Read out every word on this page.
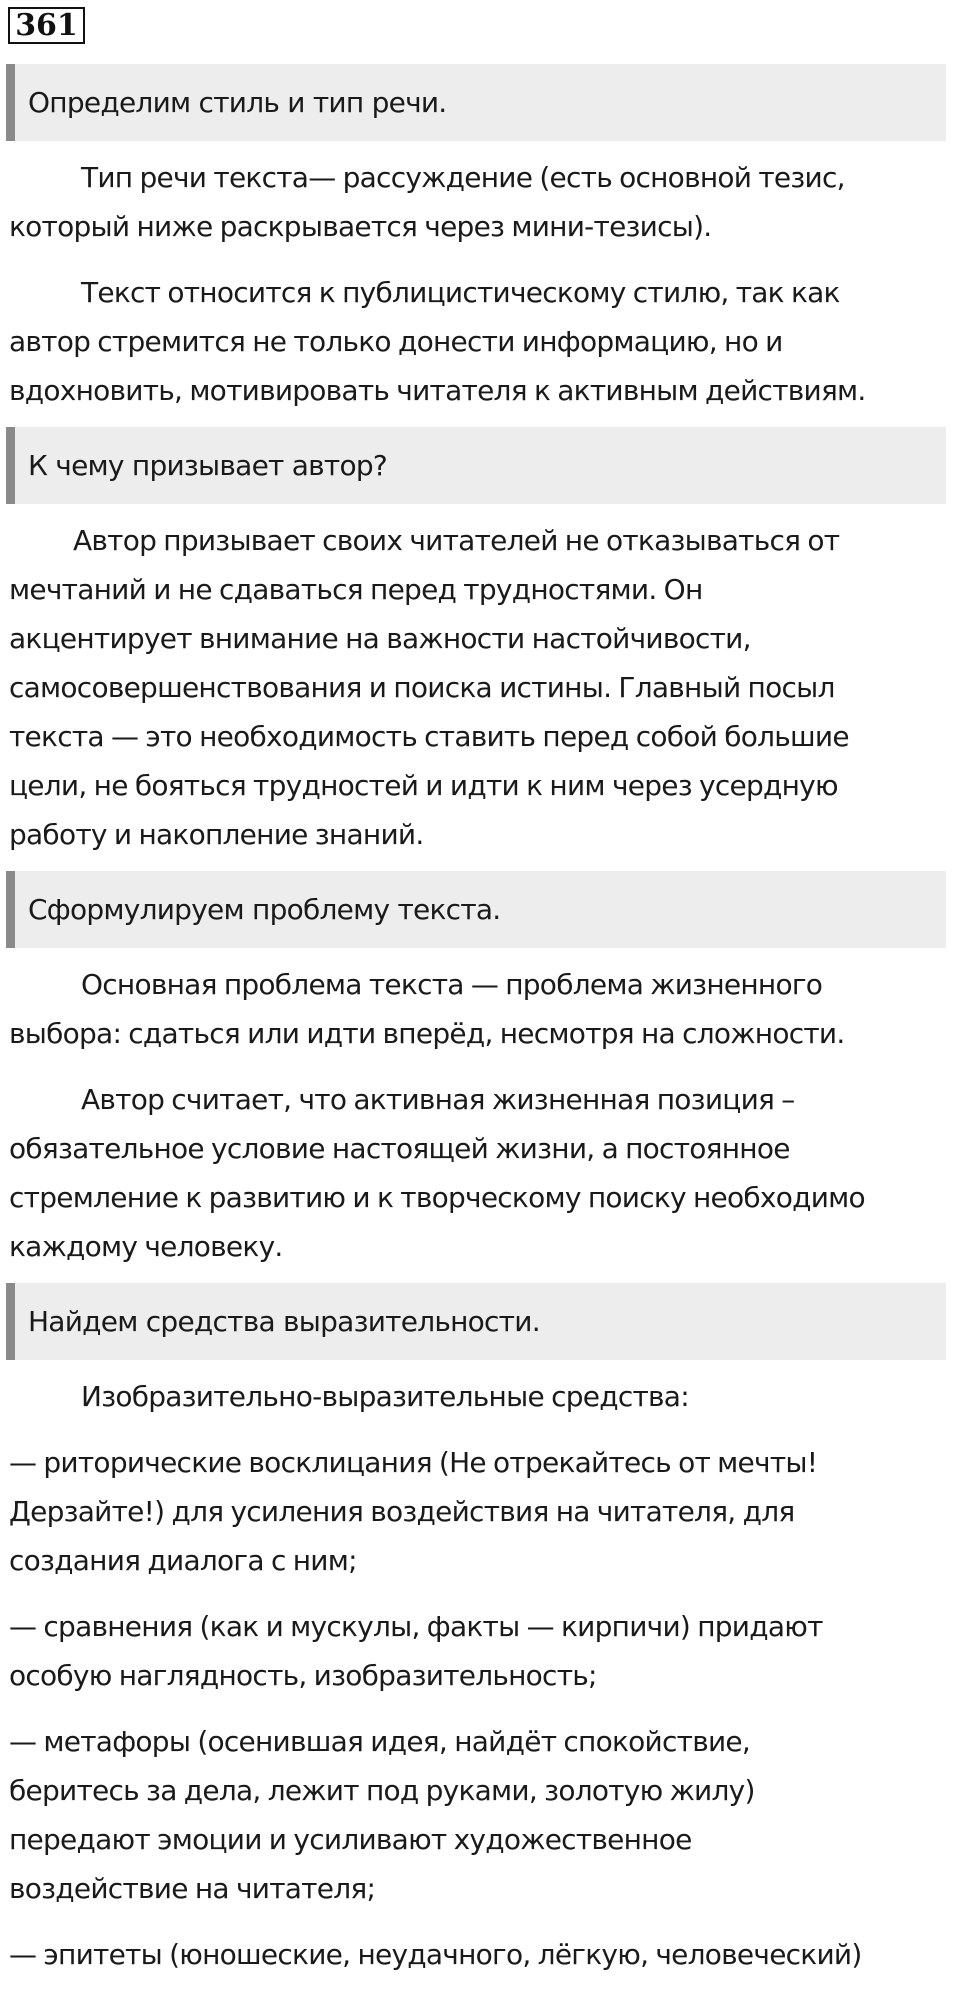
361
Определим стиль и тип речи.

Тип речи текста— рассуждение (есть основной тезис,
который ниже раскрывается через мини-тезисы).

Текст относится к публицистическому стилю, так как
автор стремится не только донести информацию, но и
вдохновить, мотивировать читателя к активным действиям.

К чему призывает автор?

Автор призывает своих читателей не отказываться от
мечтаний и не сдаваться перед трудностями. Он
акцентирует внимание на важности настойчивости,
самосовершенствования и поиска истины. Главный посыл
текста — это необходимость ставить перед собой большие
цели, не бояться трудностей и идти к ним через усердную
работу и накопление знаний.

Сформулируем проблему текста.

Основная проблема текста — проблема жизненного
выбора: сдаться или идти вперёд, несмотря на сложности.

Автор считает, что активная жизненная позиция –
обязательное условие настоящей жизни, а постоянное
стремление к развитию и к творческому поиску необходимо
каждому человеку.

Найдем средства выразительности.

Изобразительно-выразительные средства:

— риторические восклицания (Не отрекайтесь от мечты!
Дерзайте!) для усиления воздействия на читателя, для
создания диалога с ним;

— сравнения (как и мускулы, факты — кирпичи) придают
особую наглядность, изобразительность;

— метафоры (осенившая идея, найдёт спокойствие,
беритесь за дела, лежит под руками, золотую жилу)
передают эмоции и усиливают художественное
воздействие на читателя;

— эпитеты (юношеские, неудачного, лёгкую, человеческий)
